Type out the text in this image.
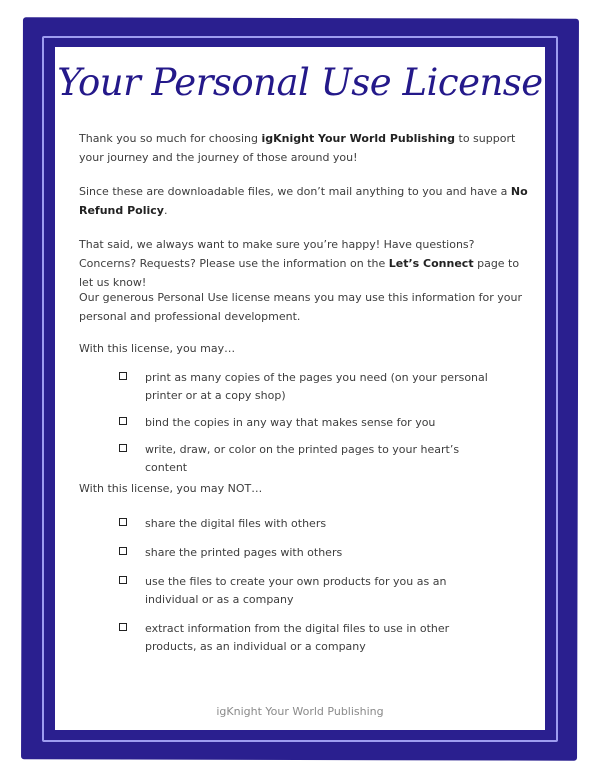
Your Personal Use License

Thank you so much for choosing igKnight Your World Publishing to support your journey and the journey of those around you!

Since these are downloadable files, we don’t mail anything to you and have a No Refund Policy.

That said, we always want to make sure you’re happy! Have questions? Concerns? Requests? Please use the information on the Let’s Connect page to let us know!

Our generous Personal Use license means you may use this information for your personal and professional development.

With this license, you may…

print as many copies of the pages you need (on your personal printer or at a copy shop)
bind the copies in any way that makes sense for you
write, draw, or color on the printed pages to your heart’s content

With this license, you may NOT…

share the digital files with others
share the printed pages with others
use the files to create your own products for you as an individual or as a company
extract information from the digital files to use in other products, as an individual or a company
igKnight Your World Publishing
